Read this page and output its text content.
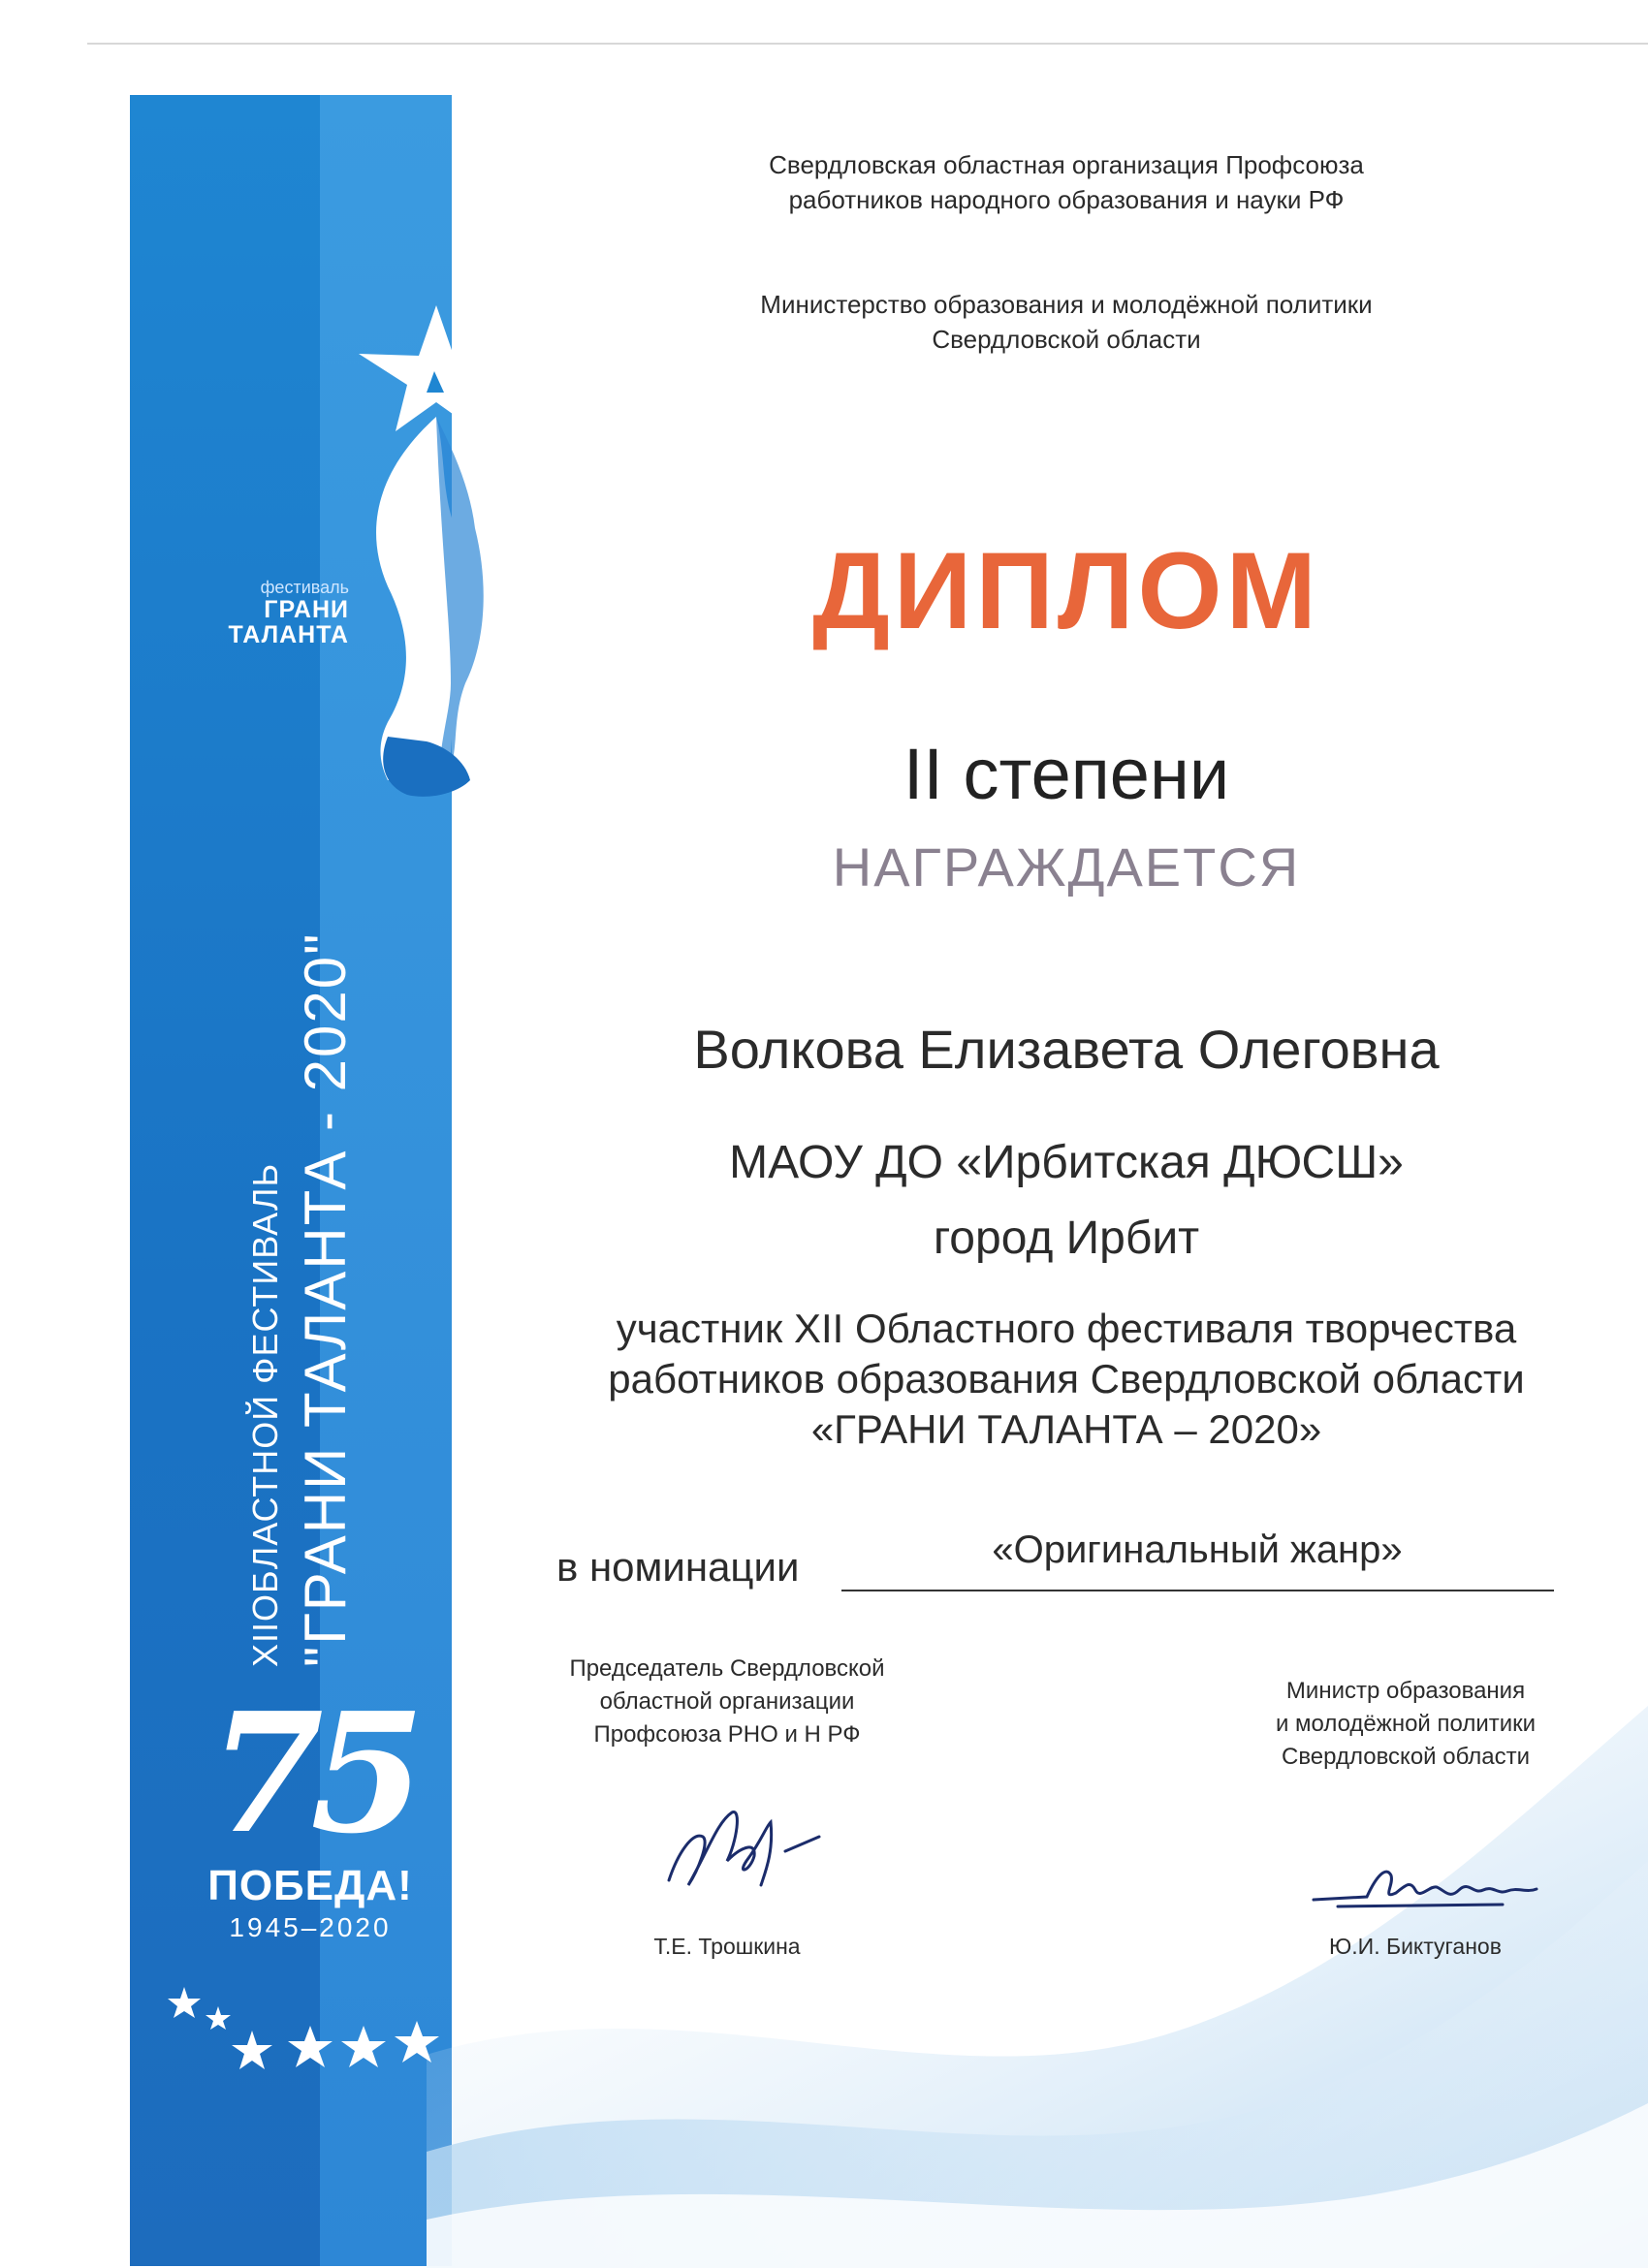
фестиваль
ГРАНИ
ТАЛАНТА
XIIОБЛАСТНОЙ ФЕСТИВАЛЬ "ГРАНИ ТАЛАНТА - 2020"
75
ПОБЕДА!
1945–2020
Свердловская областная организация Профсоюза
работников народного образования и науки РФ
Министерство образования и молодёжной политики
Свердловской области
ДИПЛОМ
II степени
НАГРАЖДАЕТСЯ
Волкова Елизавета Олеговна
МАОУ ДО «Ирбитская ДЮСШ»
город Ирбит
участник XII Областного фестиваля творчества
работников образования Свердловской области
«ГРАНИ ТАЛАНТА – 2020»
в номинации	«Оригинальный жанр»
Председатель Свердловской
областной организации
Профсоюза РНО и Н РФ
Т.Е. Трошкина
Министр образования
и молодёжной политики
Свердловской области
Ю.И. Биктуганов
